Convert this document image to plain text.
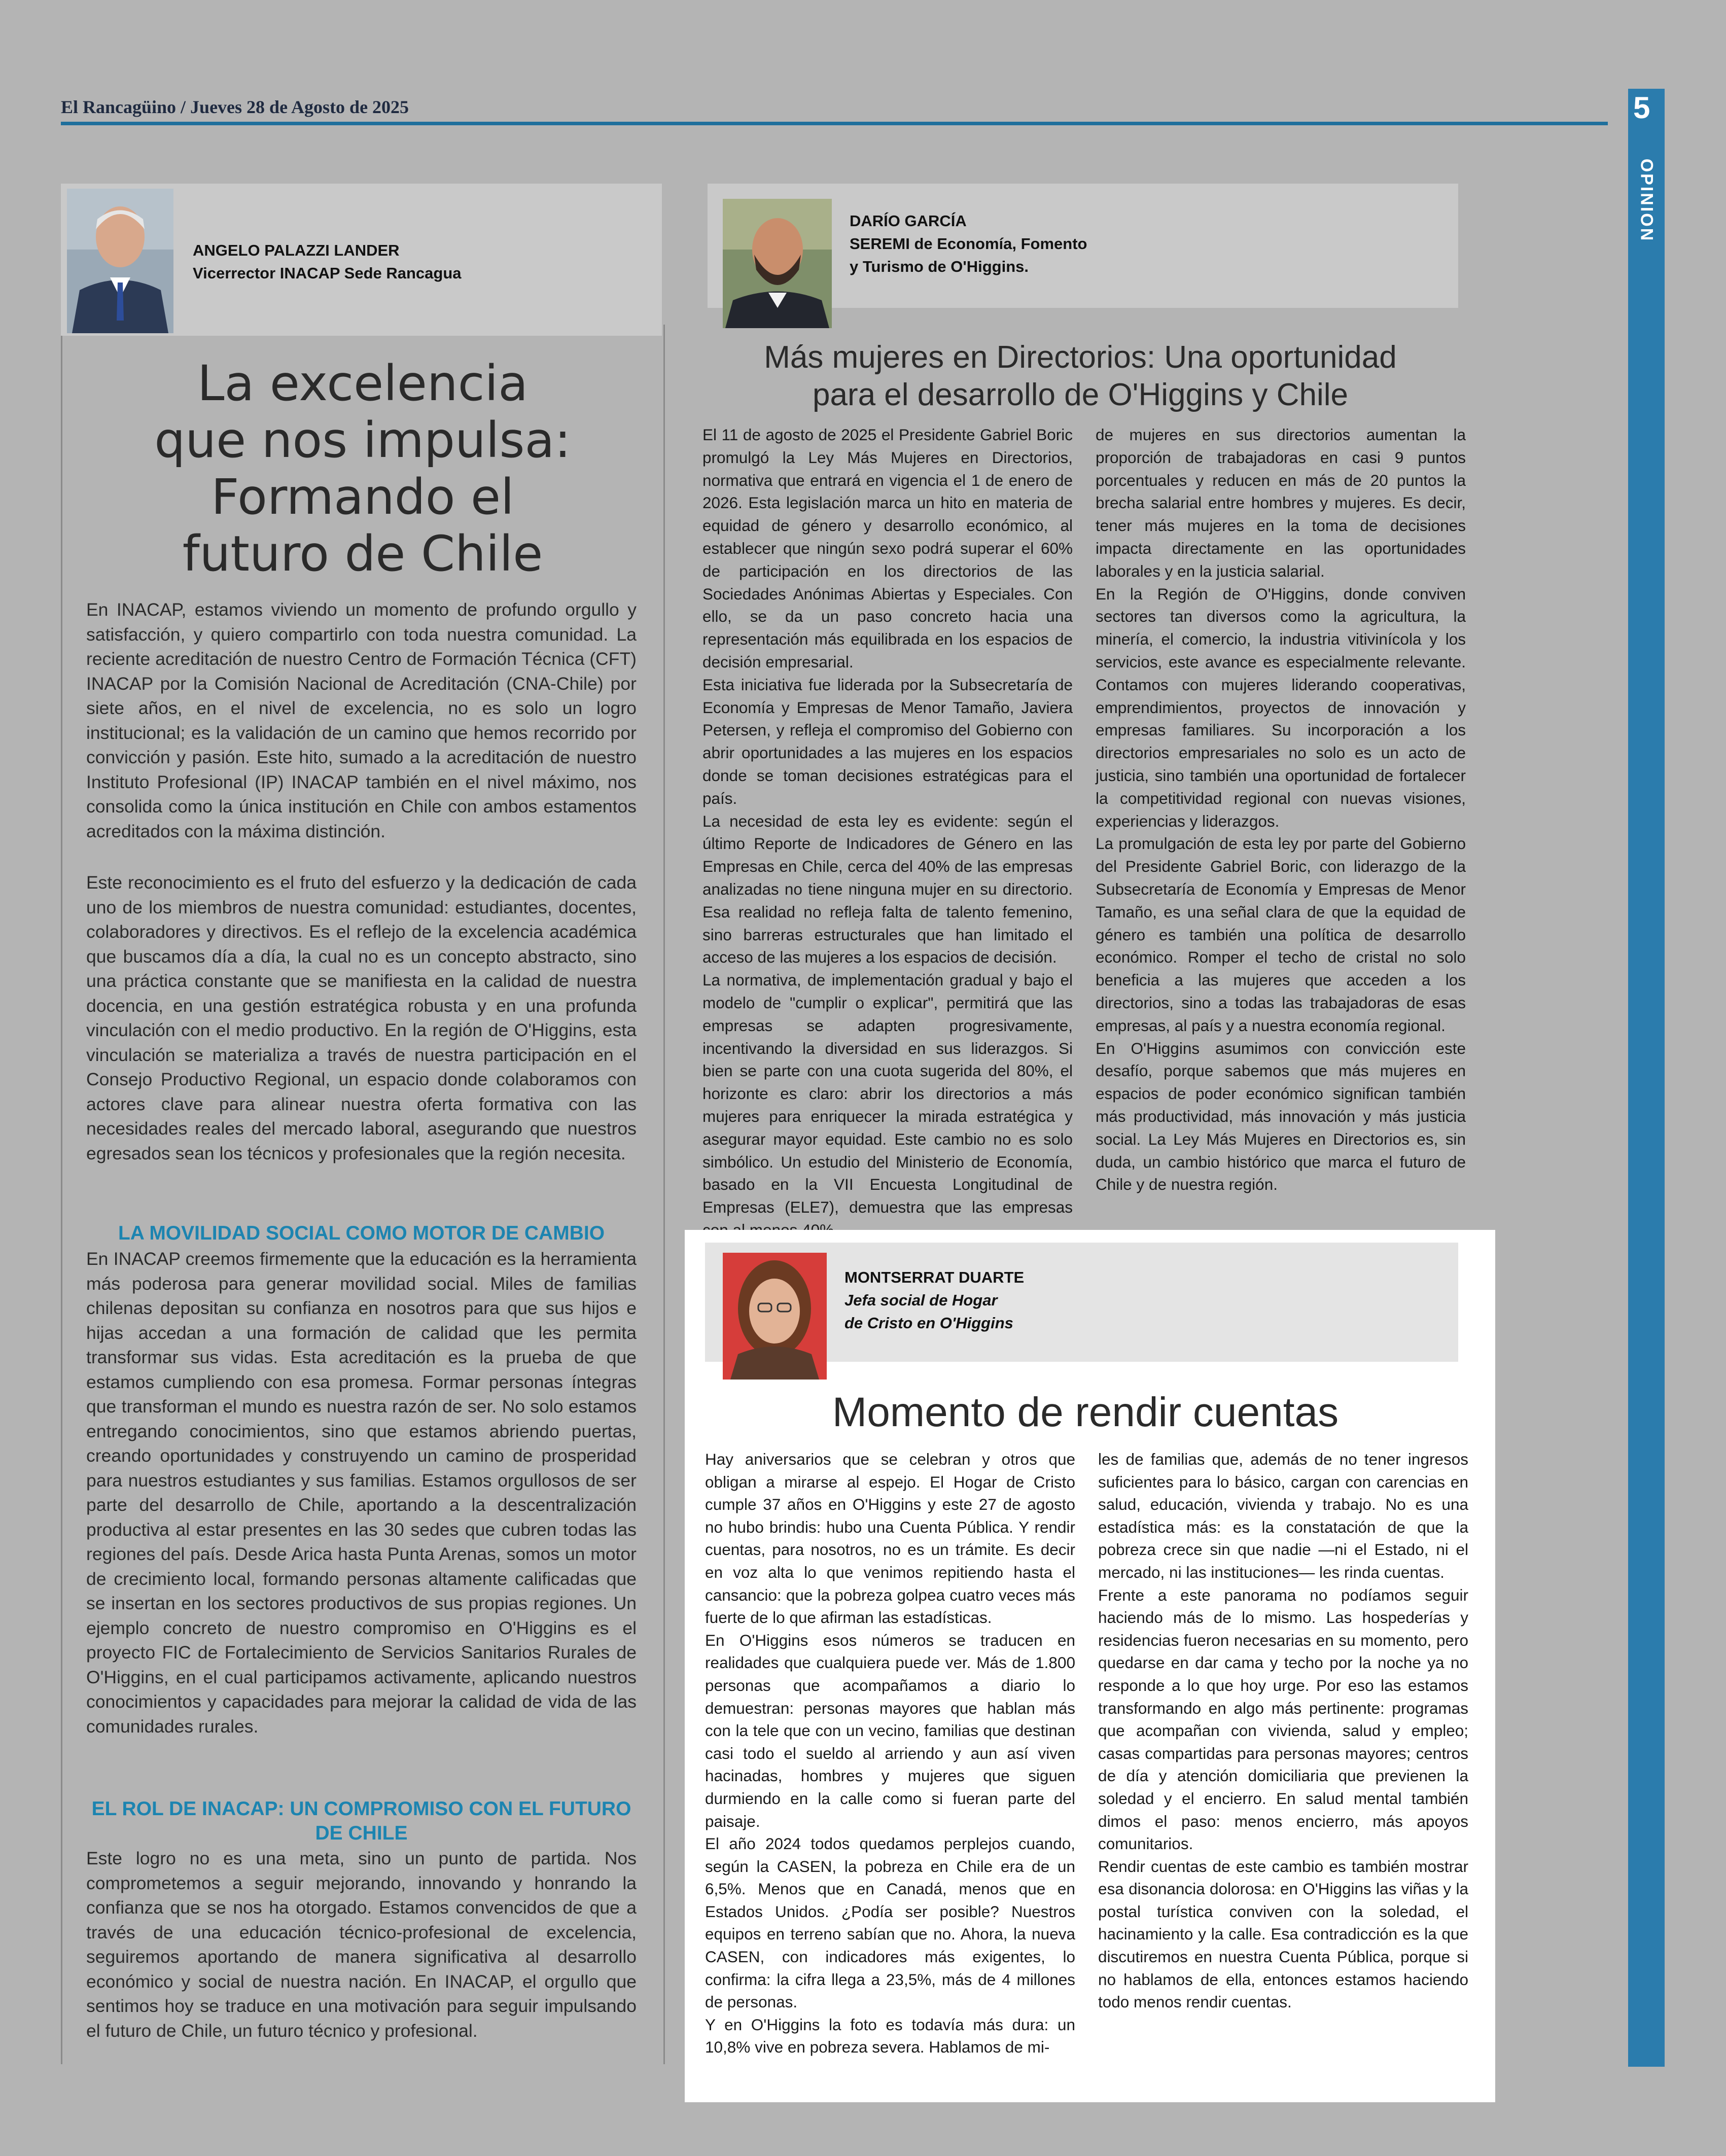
El Rancagüino / Jueves 28 de Agosto de 2025	5
OPINION
ANGELO PALAZZI LANDER
Vicerrector INACAP Sede Rancagua
La excelencia
que nos impulsa:
Formando el
futuro de Chile

En INACAP, estamos viviendo un momento de profundo orgullo y satisfacción, y quiero compartirlo con toda nuestra comunidad. La reciente acreditación de nuestro Centro de Formación Técnica (CFT) INACAP por la Comisión Nacional de Acreditación (CNA-Chile) por siete años, en el nivel de excelencia, no es solo un logro institucional; es la validación de un camino que hemos recorrido por convicción y pasión. Este hito, sumado a la acreditación de nuestro Instituto Profesional (IP) INACAP también en el nivel máximo, nos consolida como la única institución en Chile con ambos estamentos acreditados con la máxima distinción.

Este reconocimiento es el fruto del esfuerzo y la dedicación de cada uno de los miembros de nuestra comunidad: estudiantes, docentes, colaboradores y directivos. Es el reflejo de la excelencia académica que buscamos día a día, la cual no es un concepto abstracto, sino una práctica constante que se manifiesta en la calidad de nuestra docencia, en una gestión estratégica robusta y en una profunda vinculación con el medio productivo. En la región de O'Higgins, esta vinculación se materializa a través de nuestra participación en el Consejo Productivo Regional, un espacio donde colaboramos con actores clave para alinear nuestra oferta formativa con las necesidades reales del mercado laboral, asegurando que nuestros egresados sean los técnicos y profesionales que la región necesita.

LA MOVILIDAD SOCIAL COMO MOTOR DE CAMBIO

En INACAP creemos firmemente que la educación es la herramienta más poderosa para generar movilidad social. Miles de familias chilenas depositan su confianza en nosotros para que sus hijos e hijas accedan a una formación de calidad que les permita transformar sus vidas. Esta acreditación es la prueba de que estamos cumpliendo con esa promesa. Formar personas íntegras que transforman el mundo es nuestra razón de ser. No solo estamos entregando conocimientos, sino que estamos abriendo puertas, creando oportunidades y construyendo un camino de prosperidad para nuestros estudiantes y sus familias. Estamos orgullosos de ser parte del desarrollo de Chile, aportando a la descentralización productiva al estar presentes en las 30 sedes que cubren todas las regiones del país. Desde Arica hasta Punta Arenas, somos un motor de crecimiento local, formando personas altamente calificadas que se insertan en los sectores productivos de sus propias regiones. Un ejemplo concreto de nuestro compromiso en O'Higgins es el proyecto FIC de Fortalecimiento de Servicios Sanitarios Rurales de O'Higgins, en el cual participamos activamente, aplicando nuestros conocimientos y capacidades para mejorar la calidad de vida de las comunidades rurales.

EL ROL DE INACAP: UN COMPROMISO CON EL FUTURO DE CHILE

Este logro no es una meta, sino un punto de partida. Nos comprometemos a seguir mejorando, innovando y honrando la confianza que se nos ha otorgado. Estamos convencidos de que a través de una educación técnico-profesional de excelencia, seguiremos aportando de manera significativa al desarrollo económico y social de nuestra nación. En INACAP, el orgullo que sentimos hoy se traduce en una motivación para seguir impulsando el futuro de Chile, un futuro técnico y profesional.

DARÍO GARCÍA
SEREMI de Economía, Fomento
y Turismo de O'Higgins.
Más mujeres en Directorios: Una oportunidad
para el desarrollo de O'Higgins y Chile

El 11 de agosto de 2025 el Presidente Gabriel Boric promulgó la Ley Más Mujeres en Directorios, normativa que entrará en vigencia el 1 de enero de 2026. Esta legislación marca un hito en materia de equidad de género y desarrollo económico, al establecer que ningún sexo podrá superar el 60% de participación en los directorios de las Sociedades Anónimas Abiertas y Especiales. Con ello, se da un paso concreto hacia una representación más equilibrada en los espacios de decisión empresarial.

Esta iniciativa fue liderada por la Subsecretaría de Economía y Empresas de Menor Tamaño, Javiera Petersen, y refleja el compromiso del Gobierno con abrir oportunidades a las mujeres en los espacios donde se toman decisiones estratégicas para el país.

La necesidad de esta ley es evidente: según el último Reporte de Indicadores de Género en las Empresas en Chile, cerca del 40% de las empresas analizadas no tiene ninguna mujer en su directorio. Esa realidad no refleja falta de talento femenino, sino barreras estructurales que han limitado el acceso de las mujeres a los espacios de decisión.

La normativa, de implementación gradual y bajo el modelo de "cumplir o explicar", permitirá que las empresas se adapten progresivamente, incentivando la diversidad en sus liderazgos. Si bien se parte con una cuota sugerida del 80%, el horizonte es claro: abrir los directorios a más mujeres para enriquecer la mirada estratégica y asegurar mayor equidad. Este cambio no es solo simbólico. Un estudio del Ministerio de Economía, basado en la VII Encuesta Longitudinal de Empresas (ELE7), demuestra que las empresas

de mujeres en sus directorios aumentan la proporción de trabajadoras en casi 9 puntos porcentuales y reducen en más de 20 puntos la brecha salarial entre hombres y mujeres. Es decir, tener más mujeres en la toma de decisiones impacta directamente en las oportunidades laborales y en la justicia salarial.

En la Región de O'Higgins, donde conviven sectores tan diversos como la agricultura, la minería, el comercio, la industria vitivinícola y los servicios, este avance es especialmente relevante. Contamos con mujeres liderando cooperativas, emprendimientos, proyectos de innovación y empresas familiares. Su incorporación a los directorios empresariales no solo es un acto de justicia, sino también una oportunidad de fortalecer la competitividad regional con nuevas visiones, experiencias y liderazgos.

La promulgación de esta ley por parte del Gobierno del Presidente Gabriel Boric, con liderazgo de la Subsecretaría de Economía y Empresas de Menor Tamaño, es una señal clara de que la equidad de género es también una política de desarrollo económico. Romper el techo de cristal no solo beneficia a las mujeres que acceden a los directorios, sino a todas las trabajadoras de esas empresas, al país y a nuestra economía regional.

En O'Higgins asumimos con convicción este desafío, porque sabemos que más mujeres en espacios de poder económico significan también más productividad, más innovación y más justicia social. La Ley Más Mujeres en Directorios es, sin duda, un cambio histórico que marca el futuro de Chile y de nuestra región.

MONTSERRAT DUARTE
Jefa social de Hogar
de Cristo en O'Higgins
Momento de rendir cuentas

Hay aniversarios que se celebran y otros que obligan a mirarse al espejo. El Hogar de Cristo cumple 37 años en O'Higgins y este 27 de agosto no hubo brindis: hubo una Cuenta Pública. Y rendir cuentas, para nosotros, no es un trámite. Es decir en voz alta lo que venimos repitiendo hasta el cansancio: que la pobreza golpea cuatro veces más fuerte de lo que afirman las estadísticas.

En O'Higgins esos números se traducen en realidades que cualquiera puede ver. Más de 1.800 personas que acompañamos a diario lo demuestran: personas mayores que hablan más con la tele que con un vecino, familias que destinan casi todo el sueldo al arriendo y aun así viven hacinadas, hombres y mujeres que siguen durmiendo en la calle como si fueran parte del paisaje.

El año 2024 todos quedamos perplejos cuando, según la CASEN, la pobreza en Chile era de un 6,5%. Menos que en Canadá, menos que en Estados Unidos. ¿Podía ser posible? Nuestros equipos en terreno sabían que no. Ahora, la nueva CASEN, con indicadores más exigentes, lo confirma: la cifra llega a 23,5%, más de 4 millones de personas.

Y en O'Higgins la foto es todavía más dura: un 10,8% vive en pobreza severa. Hablamos de mi-

les de familias que, además de no tener ingresos suficientes para lo básico, cargan con carencias en salud, educación, vivienda y trabajo. No es una estadística más: es la constatación de que la pobreza crece sin que nadie —ni el Estado, ni el mercado, ni las instituciones— les rinda cuentas.

Frente a este panorama no podíamos seguir haciendo más de lo mismo. Las hospederías y residencias fueron necesarias en su momento, pero quedarse en dar cama y techo por la noche ya no responde a lo que hoy urge. Por eso las estamos transformando en algo más pertinente: programas que acompañan con vivienda, salud y empleo; casas compartidas para personas mayores; centros de día y atención domiciliaria que previenen la soledad y el encierro. En salud mental también dimos el paso: menos encierro, más apoyos comunitarios.

Rendir cuentas de este cambio es también mostrar esa disonancia dolorosa: en O'Higgins las viñas y la postal turística conviven con la soledad, el hacinamiento y la calle. Esa contradicción es la que discutiremos en nuestra Cuenta Pública, porque si no hablamos de ella, entonces estamos haciendo todo menos rendir cuentas.
